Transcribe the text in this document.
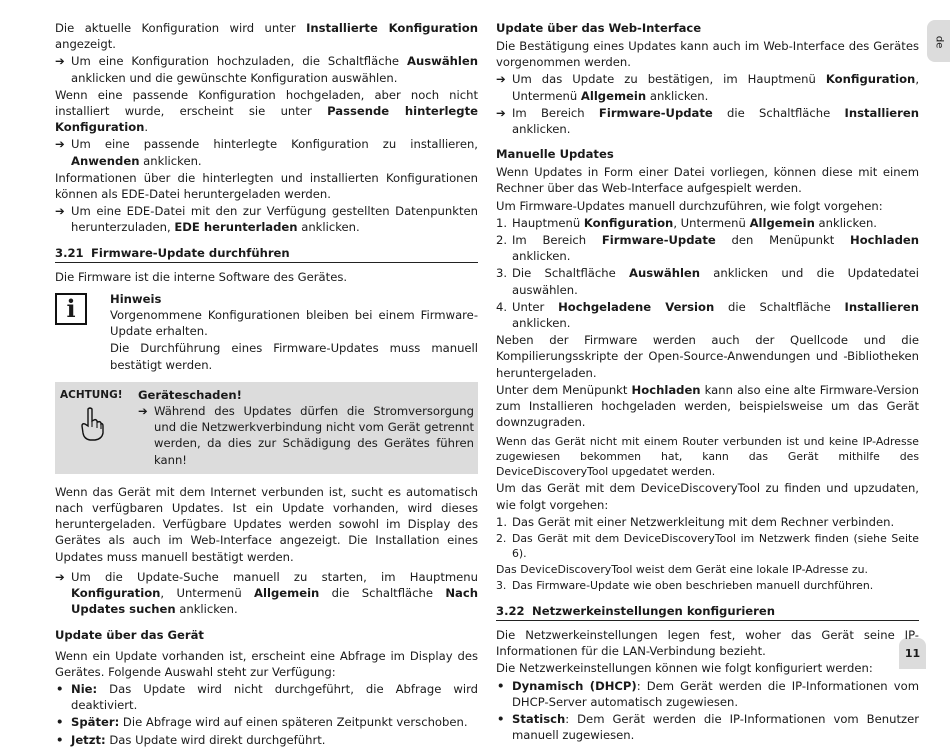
de
11

Die aktuelle Konfiguration wird unter Installierte Konfiguration angezeigt.

➔ Um eine Konfiguration hochzuladen, die Schaltfläche Auswählen anklicken und die gewünschte Konfiguration auswählen.

Wenn eine passende Konfiguration hochgeladen, aber noch nicht installiert wurde, erscheint sie unter Passende hinterlegte Konfiguration.

➔ Um eine passende hinterlegte Konfiguration zu installieren, Anwenden anklicken.

Informationen über die hinterlegten und installierten Konfigurationen können als EDE-Datei heruntergeladen werden.

➔ Um eine EDE-Datei mit den zur Verfügung gestellten Datenpunkten herunterzuladen, EDE herunterladen anklicken.
3.21 Firmware-Update durchführen

Die Firmware ist die interne Software des Gerätes.

i	Hinweis

Vorgenommene Konfigurationen bleiben bei einem Firmware-Update erhalten.

Die Durchführung eines Firmware-Updates muss manuell bestätigt werden.

ACHTUNG! Geräteschaden!
➔ Während des Updates dürfen die Stromversorgung und die Netzwerkverbindung nicht vom Gerät getrennt werden, da dies zur Schädigung des Gerätes führen kann!

Wenn das Gerät mit dem Internet verbunden ist, sucht es automatisch nach verfügbaren Updates. Ist ein Update vorhanden, wird dieses heruntergeladen. Verfügbare Updates werden sowohl im Display des Gerätes als auch im Web-Interface angezeigt. Die Installation eines Updates muss manuell bestätigt werden.

➔ Um die Update-Suche manuell zu starten, im Hauptmenu Konfiguration, Untermenü Allgemein die Schaltfläche Nach Updates suchen anklicken.
Update über das Gerät

Wenn ein Update vorhanden ist, erscheint eine Abfrage im Display des Gerätes. Folgende Auswahl steht zur Verfügung:

• Nie: Das Update wird nicht durchgeführt, die Abfrage wird deaktiviert.
• Später: Die Abfrage wird auf einen späteren Zeitpunkt verschoben.
• Jetzt: Das Update wird direkt durchgeführt.
Update über das Web-Interface

Die Bestätigung eines Updates kann auch im Web-Interface des Gerätes vorgenommen werden.

➔ Um das Update zu bestätigen, im Hauptmenü Konfiguration, Untermenü Allgemein anklicken.
➔ Im Bereich Firmware-Update die Schaltfläche Installieren anklicken.
Manuelle Updates

Wenn Updates in Form einer Datei vorliegen, können diese mit einem Rechner über das Web-Interface aufgespielt werden.

Um Firmware-Updates manuell durchzuführen, wie folgt vorgehen:

1. Hauptmenü Konfiguration, Untermenü Allgemein anklicken.
2. Im Bereich Firmware-Update den Menüpunkt Hochladen anklicken.
3. Die Schaltfläche Auswählen anklicken und die Updatedatei auswählen.
4. Unter Hochgeladene Version die Schaltfläche Installieren anklicken.

Neben der Firmware werden auch der Quellcode und die Kompilierungsskripte der Open-Source-Anwendungen und -Bibliotheken heruntergeladen.

Unter dem Menüpunkt Hochladen kann also eine alte Firmware-Version zum Installieren hochgeladen werden, beispielsweise um das Gerät downzugraden.

Wenn das Gerät nicht mit einem Router verbunden ist und keine IP-Adresse zugewiesen bekommen hat, kann das Gerät mithilfe des DeviceDiscoveryTool upgedatet werden.

Um das Gerät mit dem DeviceDiscoveryTool zu finden und upzudaten, wie folgt vorgehen:

1. Das Gerät mit einer Netzwerkleitung mit dem Rechner verbinden.
2. Das Gerät mit dem DeviceDiscoveryTool im Netzwerk finden (siehe Seite 6).

Das DeviceDiscoveryTool weist dem Gerät eine lokale IP-Adresse zu.

3. Das Firmware-Update wie oben beschrieben manuell durchführen.
3.22 Netzwerkeinstellungen konfigurieren

Die Netzwerkeinstellungen legen fest, woher das Gerät seine IP-Informationen für die LAN-Verbindung bezieht.

Die Netzwerkeinstellungen können wie folgt konfiguriert werden:

• Dynamisch (DHCP): Dem Gerät werden die IP-Informationen vom DHCP-Server automatisch zugewiesen.
• Statisch: Dem Gerät werden die IP-Informationen vom Benutzer manuell zugewiesen.
